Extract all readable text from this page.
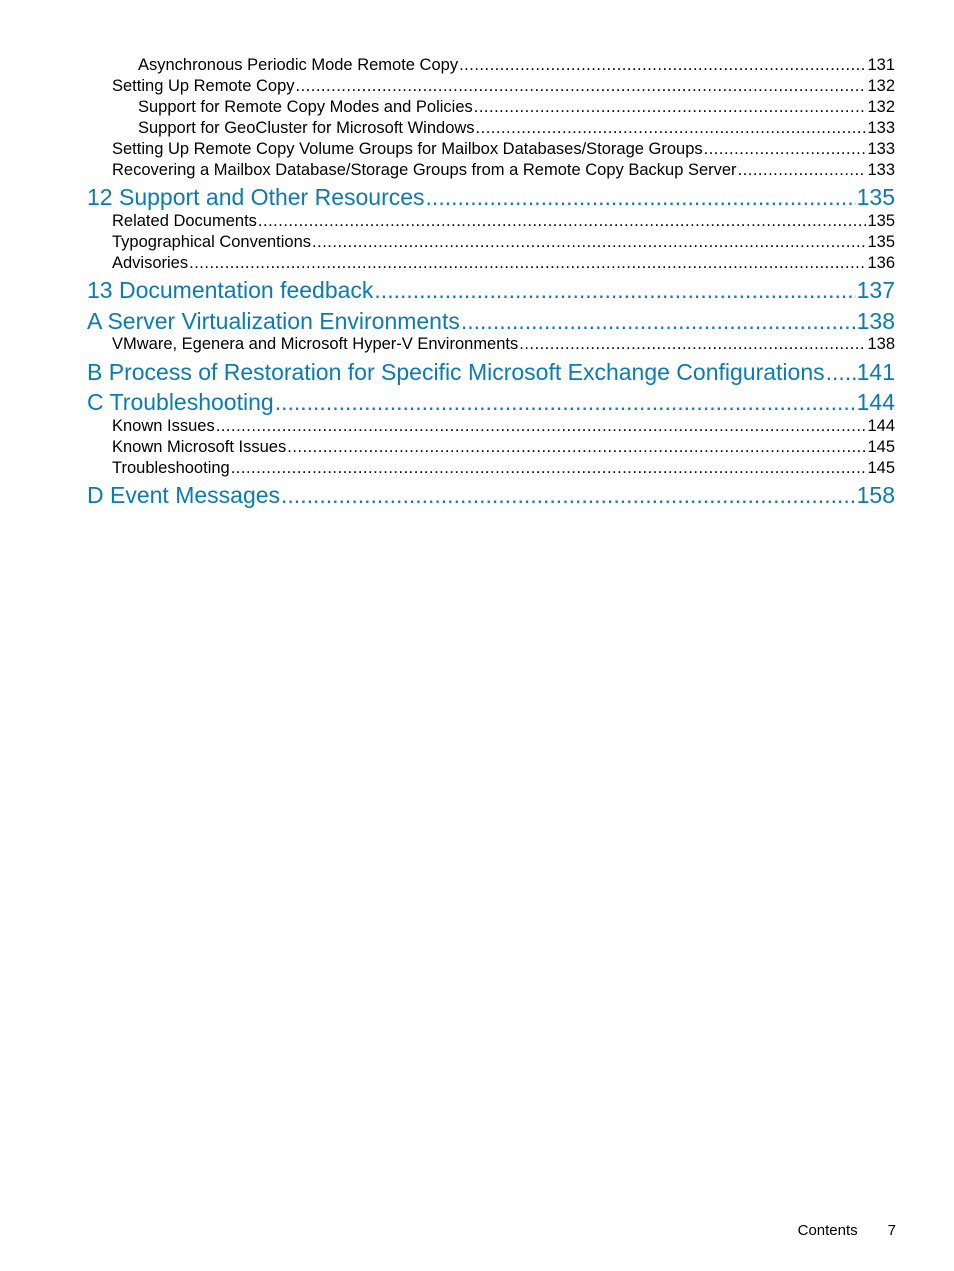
Asynchronous Periodic Mode Remote Copy .....	131
Setting Up Remote Copy .....	132
Support for Remote Copy Modes and Policies .....	132
Support for GeoCluster for Microsoft Windows .....	133
Setting Up Remote Copy Volume Groups for Mailbox Databases/Storage Groups .....	133
Recovering a Mailbox Database/Storage Groups from a Remote Copy Backup Server .....	133
12 Support and Other Resources .....	135
Related Documents .....	135
Typographical Conventions .....	135
Advisories .....	136
13 Documentation feedback .....	137
A Server Virtualization Environments .....	138
VMware, Egenera and Microsoft Hyper-V Environments .....	138
B Process of Restoration for Specific Microsoft Exchange Configurations ..... 141
C Troubleshooting .....	144
Known Issues .....	144
Known Microsoft Issues .....	145
Troubleshooting .....	145
D Event Messages .....	158
Contents 7
